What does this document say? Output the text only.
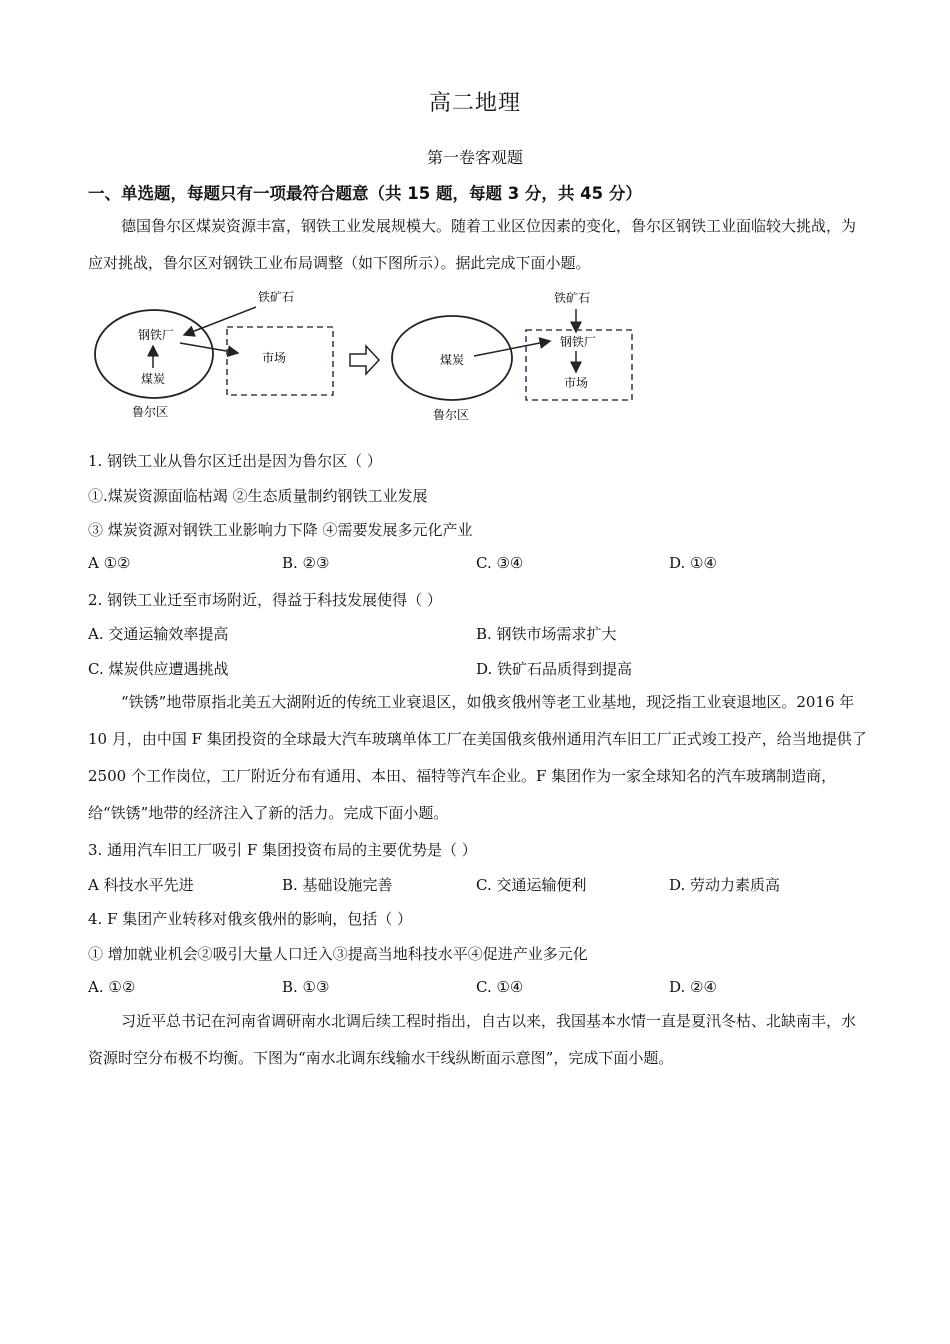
高二地理
第一卷客观题
一、单选题，每题只有一项最符合题意（共 15 题，每题 3 分，共 45 分）
德国鲁尔区煤炭资源丰富，钢铁工业发展规模大。随着工业区位因素的变化，鲁尔区钢铁工业面临较大挑战，为应对挑战，鲁尔区对钢铁工业布局调整（如下图所示）。据此完成下面小题。
钢铁厂
煤炭
铁矿石
市场
鲁尔区
煤炭
铁矿石
钢铁厂
市场
鲁尔区
1. 钢铁工业从鲁尔区迁出是因为鲁尔区（ ）
①.煤炭资源面临枯竭 ②生态质量制约钢铁工业发展
③ 煤炭资源对钢铁工业影响力下降 ④需要发展多元化产业
A ①②	B. ②③	C. ③④	D. ①④
2. 钢铁工业迁至市场附近，得益于科技发展使得（ ）
A. 交通运输效率提高	B. 钢铁市场需求扩大
C. 煤炭供应遭遇挑战	D. 铁矿石品质得到提高
“铁锈”地带原指北美五大湖附近的传统工业衰退区，如俄亥俄州等老工业基地，现泛指工业衰退地区。2016 年 10 月，由中国 F 集团投资的全球最大汽车玻璃单体工厂在美国俄亥俄州通用汽车旧工厂正式竣工投产，给当地提供了 2500 个工作岗位，工厂附近分布有通用、本田、福特等汽车企业。F 集团作为一家全球知名的汽车玻璃制造商，给“铁锈”地带的经济注入了新的活力。完成下面小题。
3. 通用汽车旧工厂吸引 F 集团投资布局的主要优势是（ ）
A 科技水平先进	B. 基础设施完善	C. 交通运输便利	D. 劳动力素质高
4. F 集团产业转移对俄亥俄州的影响，包括（ ）
① 增加就业机会②吸引大量人口迁入③提高当地科技水平④促进产业多元化
A. ①②	B. ①③	C. ①④	D. ②④
习近平总书记在河南省调研南水北调后续工程时指出，自古以来，我国基本水情一直是夏汛冬枯、北缺南丰，水资源时空分布极不均衡。下图为“南水北调东线输水干线纵断面示意图”，完成下面小题。
